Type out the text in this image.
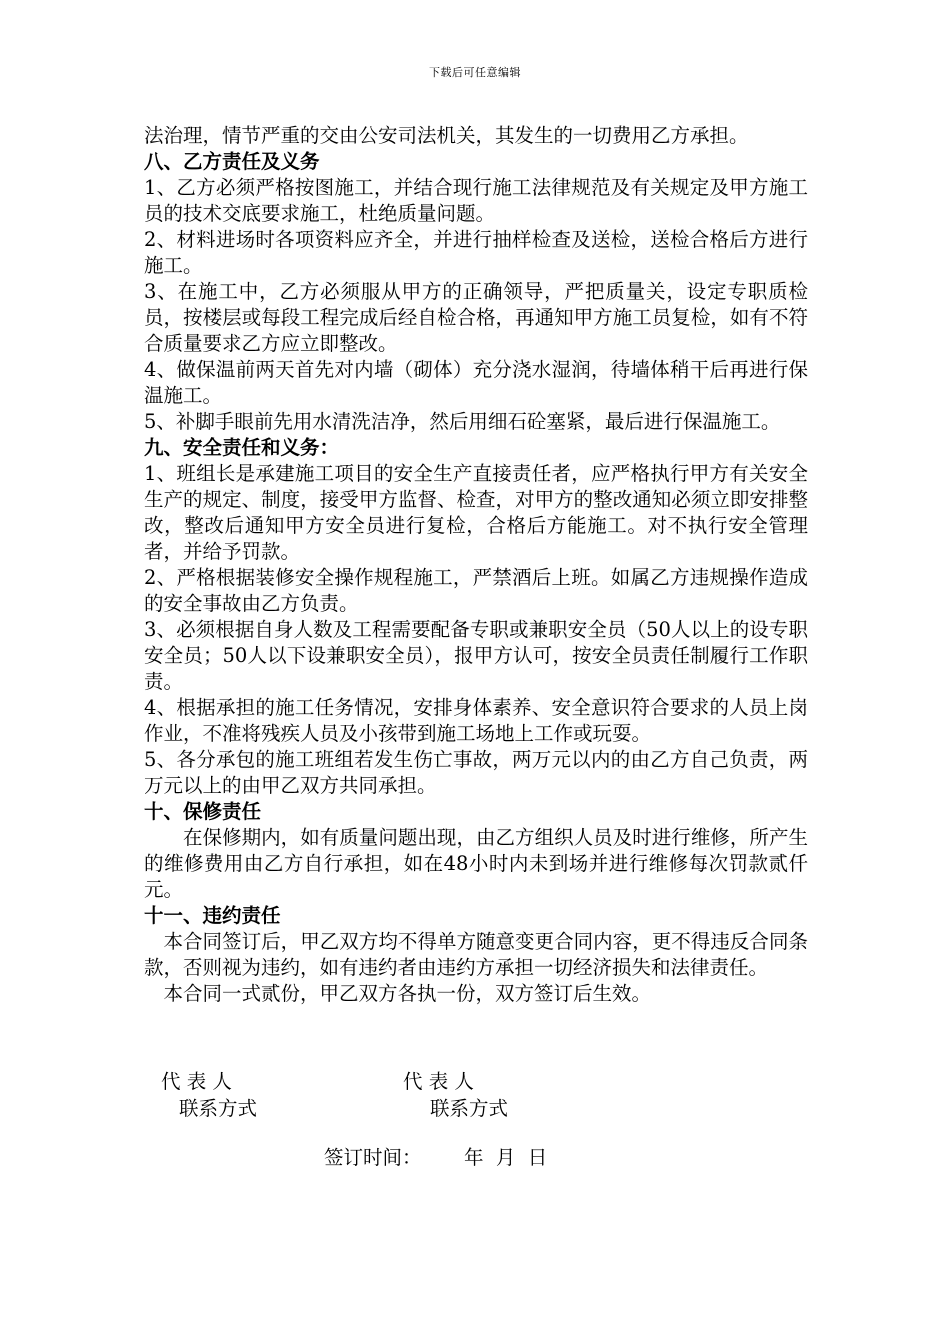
下载后可任意编辑

法治理，情节严重的交由公安司法机关，其发生的一切费用乙方承担。

八、乙方责任及义务

1、乙方必须严格按图施工，并结合现行施工法律规范及有关规定及甲方施工员的技术交底要求施工，杜绝质量问题。

2、材料进场时各项资料应齐全，并进行抽样检查及送检，送检合格后方进行施工。

3、在施工中，乙方必须服从甲方的正确领导，严把质量关，设定专职质检员，按楼层或每段工程完成后经自检合格，再通知甲方施工员复检，如有不符合质量要求乙方应立即整改。

4、做保温前两天首先对内墙（砌体）充分浇水湿润，待墙体稍干后再进行保温施工。

5、补脚手眼前先用水清洗洁净，然后用细石砼塞紧，最后进行保温施工。

九、安全责任和义务：

1、班组长是承建施工项目的安全生产直接责任者，应严格执行甲方有关安全生产的规定、制度，接受甲方监督、检查，对甲方的整改通知必须立即安排整改，整改后通知甲方安全员进行复检，合格后方能施工。对不执行安全管理者，并给予罚款。

2、严格根据装修安全操作规程施工，严禁酒后上班。如属乙方违规操作造成的安全事故由乙方负责。

3、必须根据自身人数及工程需要配备专职或兼职安全员（50人以上的设专职安全员；50人以下设兼职安全员），报甲方认可，按安全员责任制履行工作职责。

4、根据承担的施工任务情况，安排身体素养、安全意识符合要求的人员上岗作业，不准将残疾人员及小孩带到施工场地上工作或玩耍。

5、各分承包的施工班组若发生伤亡事故，两万元以内的由乙方自己负责，两万元以上的由甲乙双方共同承担。

十、保修责任

在保修期内，如有质量问题出现，由乙方组织人员及时进行维修，所产生的维修费用由乙方自行承担，如在48小时内未到场并进行维修每次罚款贰仟元。

十一、违约责任

本合同签订后，甲乙双方均不得单方随意变更合同内容，更不得违反合同条款，否则视为违约，如有违约者由违约方承担一切经济损失和法律责任。

本合同一式贰份，甲乙双方各执一份，双方签订后生效。

代 表 人	代 表 人
联系方式	联系方式
签订时间： 年  月  日
